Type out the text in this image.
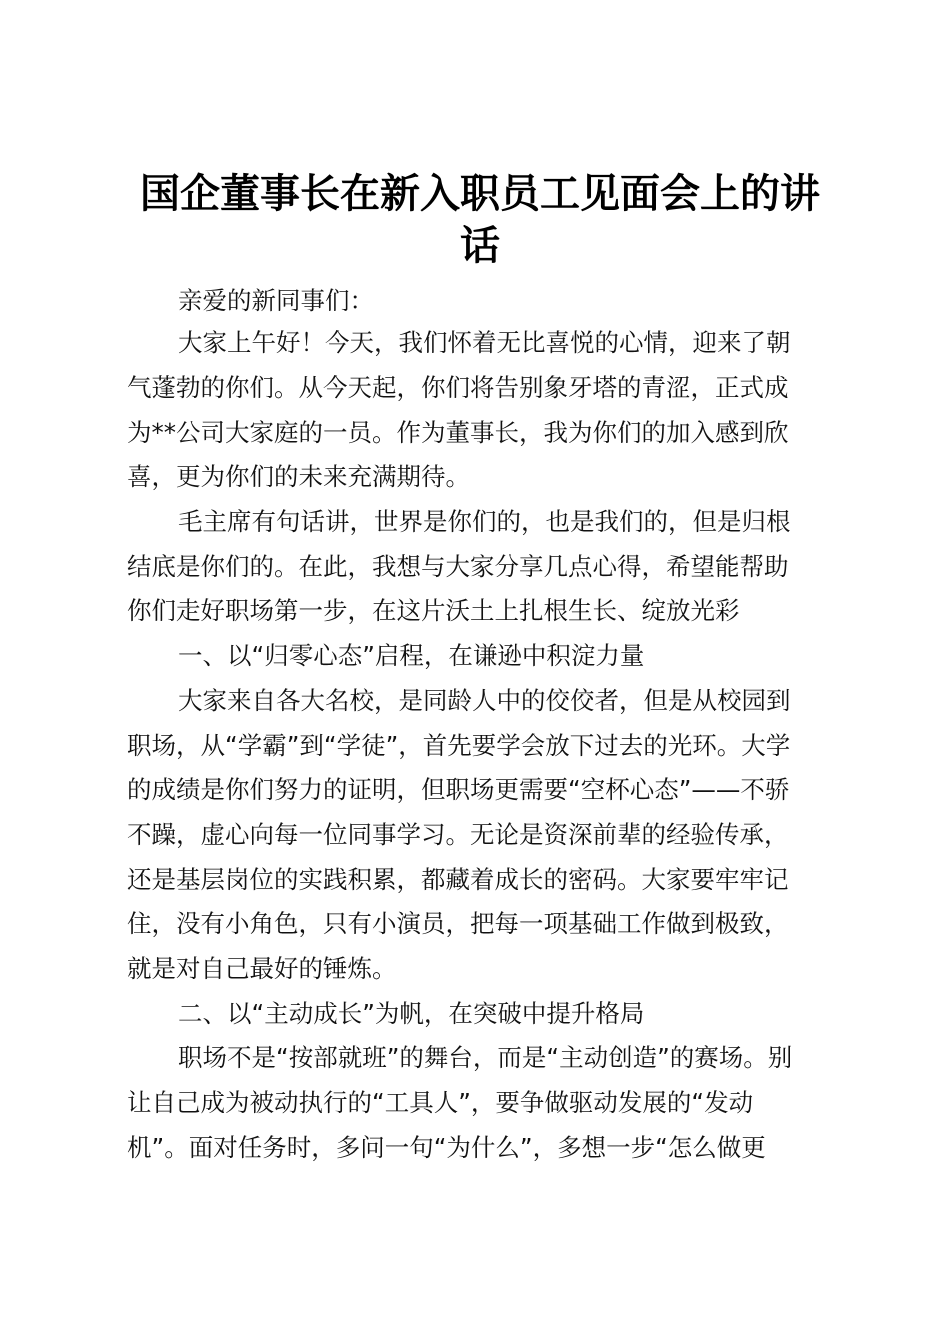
国企董事长在新入职员工见面会上的讲
话
亲爱的新同事们：
大家上午好！今天，我们怀着无比喜悦的心情，迎来了朝
气蓬勃的你们。从今天起，你们将告别象牙塔的青涩，正式成
为**公司大家庭的一员。作为董事长，我为你们的加入感到欣
喜，更为你们的未来充满期待。
毛主席有句话讲，世界是你们的，也是我们的，但是归根
结底是你们的。在此，我想与大家分享几点心得，希望能帮助
你们走好职场第一步，在这片沃土上扎根生长、绽放光彩
一、以“归零心态”启程，在谦逊中积淀力量
大家来自各大名校，是同龄人中的佼佼者，但是从校园到
职场，从“学霸”到“学徒”，首先要学会放下过去的光环。大学
的成绩是你们努力的证明，但职场更需要“空杯心态”——不骄
不躁，虚心向每一位同事学习。无论是资深前辈的经验传承，
还是基层岗位的实践积累，都藏着成长的密码。大家要牢牢记
住，没有小角色，只有小演员，把每一项基础工作做到极致，
就是对自己最好的锤炼。
二、以“主动成长”为帆，在突破中提升格局
职场不是“按部就班”的舞台，而是“主动创造”的赛场。别
让自己成为被动执行的“工具人”，要争做驱动发展的“发动
机”。面对任务时，多问一句“为什么”，多想一步“怎么做更
